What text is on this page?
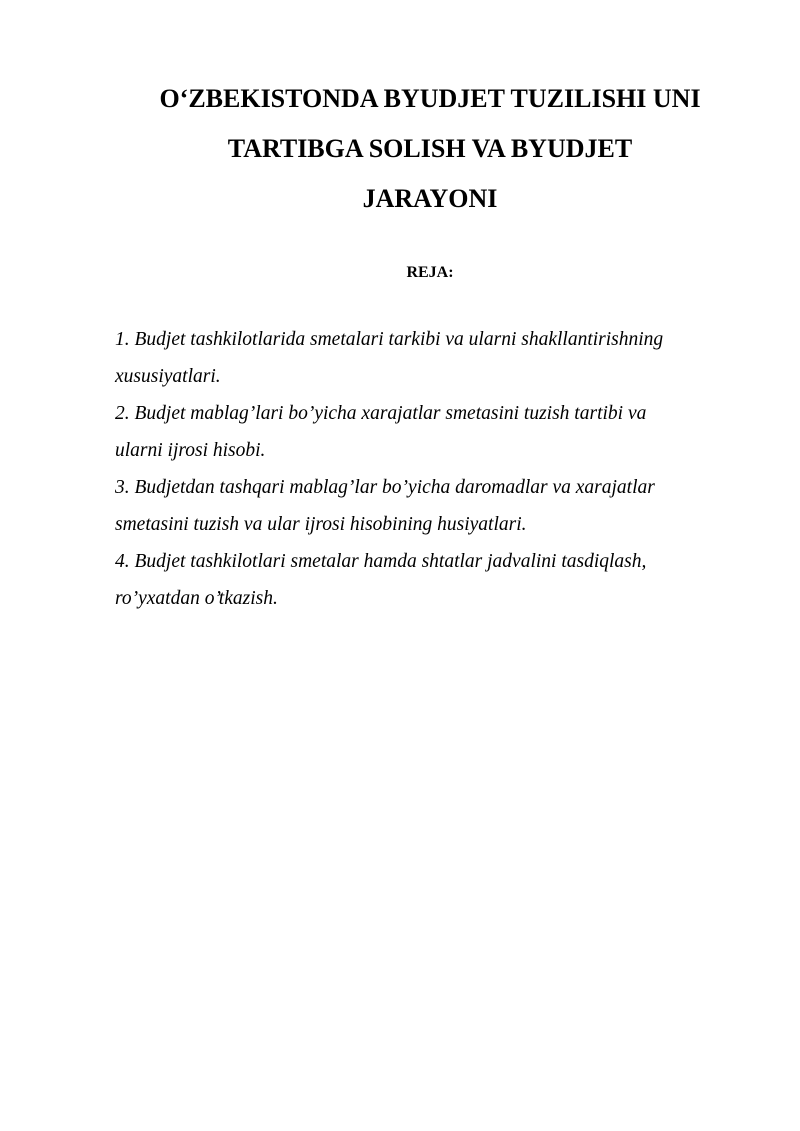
O‘ZBEKISTONDA BYUDJET TUZILISHI UNI
TARTIBGA SOLISH VA BYUDJET
JARAYONI
REJA:
1. Budjet tashkilotlarida smetalari tarkibi va ularni shakllantirishning
xususiyatlari.
2. Budjet mablag’lari bo’yicha xarajatlar smetasini tuzish tartibi va
ularni ijrosi hisobi.
3. Budjetdan tashqari mablag’lar bo’yicha daromadlar va xarajatlar
smetasini tuzish va ular ijrosi hisobining husiyatlari.
4. Budjet tashkilotlari smetalar hamda shtatlar jadvalini tasdiqlash,
ro’yxatdan o’tkazish.
